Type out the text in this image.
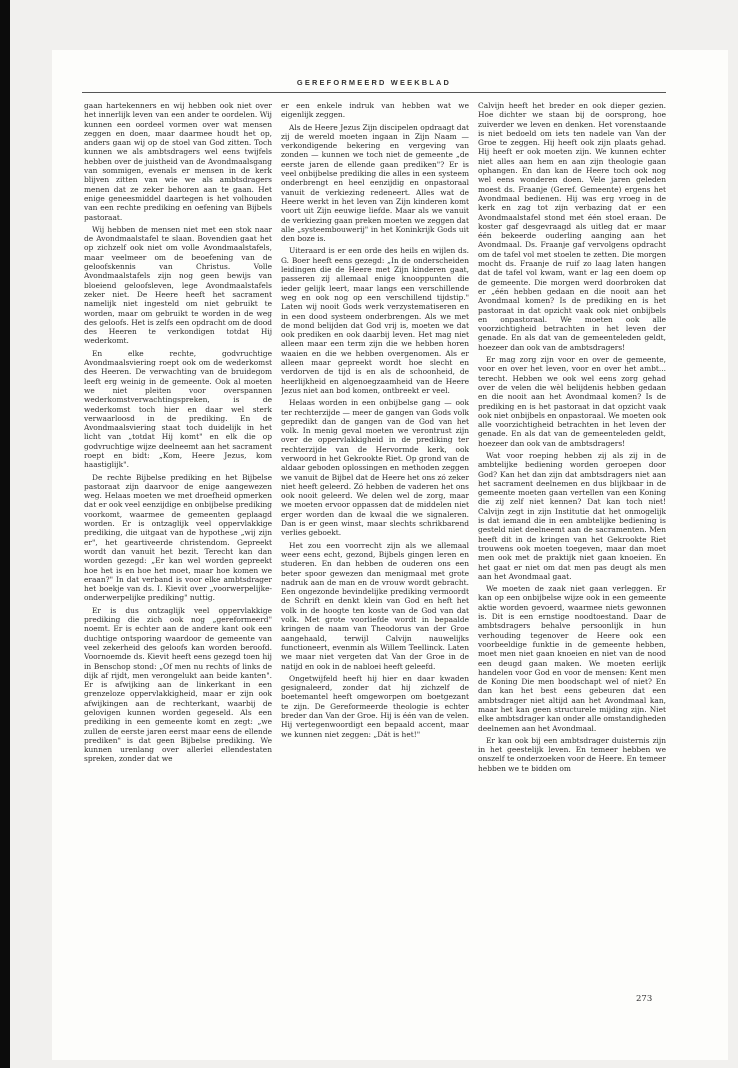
GEREFORMEERD WEEKBLAD

gaan hartekenners en wij hebben ook niet over het innerlijk leven van een ander te oordelen. Wij kunnen een oordeel vormen over wat mensen zeggen en doen, maar daarmee houdt het op, anders gaan wij op de stoel van God zitten. Toch kunnen we als ambtsdragers wel eens twijfels hebben over de juistheid van de Avondmaalsgang van sommigen, evenals er mensen in de kerk blijven zitten van wie we als ambtsdragers menen dat ze zeker behoren aan te gaan. Het enige geneesmiddel daartegen is het volhouden van een rechte prediking en oefening van Bijbels pastoraat.

Wij hebben de mensen niet met een stok naar de Avondmaalstafel te slaan. Bovendien gaat het op zichzelf ook niet om volle Avondmaalstafels, maar veelmeer om de beoefening van de geloofskennis van Christus. Volle Avondmaalstafels zijn nog geen bewijs van bloeiend geloofsleven, lege Avondmaalstafels zeker niet. De Heere heeft het sacrament namelijk niet ingesteld om niet gebruikt te worden, maar om gebruikt te worden in de weg des geloofs. Het is zelfs een opdracht om de dood des Heeren te verkondigen totdat Hij wederkomt.

En elke rechte, godvruchtige Avondmaalsviering roept ook om de wederkomst des Heeren. De verwachting van de bruidegom leeft erg weinig in de gemeente. Ook al moeten we niet pleiten voor overspannen wederkomstverwachtingspreken, is de wederkomst toch hier en daar wel sterk verwaarloosd in de prediking. En de Avondmaalsviering staat toch duidelijk in het licht van „totdat Hij komt" en elk die op godvruchtige wijze deelneemt aan het sacrament roept en bidt: „Kom, Heere Jezus, kom haastiglijk".

De rechte Bijbelse prediking en het Bijbelse pastoraat zijn daarvoor de enige aangewezen weg. Helaas moeten we met droefheid opmerken dat er ook veel eenzijdige en onbijbelse prediking voorkomt, waarmee de gemeenten geplaagd worden. Er is ontzaglijk veel oppervlakkige prediking, die uitgaat van de hypothese „wij zijn er", het geartiveerde christendom. Gepreekt wordt dan vanuit het bezit. Terecht kan dan worden gezegd: „Er kan wel worden gepreekt hoe het is en hoe het moet, maar hoe komen we eraan?" In dat verband is voor elke ambtsdrager het boekje van ds. I. Kievit over „voorwerpelijke-onderwerpelijke prediking" nuttig.

Er is dus ontzaglijk veel oppervlakkige prediking die zich ook nog „gereformeerd" noemt. Er is echter aan de andere kant ook een duchtige ontsporing waardoor de gemeente van veel zekerheid des geloofs kan worden beroofd. Voornoemde ds. Kievit heeft eens gezegd toen hij in Benschop stond: „Of men nu rechts of links de dijk af rijdt, men verongelukt aan beide kanten". Er is afwijking aan de linkerkant in een grenzeloze oppervlakkigheid, maar er zijn ook afwijkingen aan de rechterkant, waarbij de gelovigen kunnen worden gegeseld. Als een prediking in een gemeente komt en zegt: „we zullen de eerste jaren eerst maar eens de ellende prediken" is dat geen Bijbelse prediking. We kunnen urenlang over allerlei ellendestaten spreken, zonder dat we

er een enkele indruk van hebben wat we eigenlijk zeggen.

Als de Heere Jezus Zijn discipelen opdraagt dat zij de wereld moeten ingaan in Zijn Naam — verkondigende bekering en vergeving van zonden — kunnen we toch niet de gemeente „de eerste jaren de ellende gaan prediken"? Er is veel onbijbelse prediking die alles in een systeem onderbrengt en heel eenzijdig en onpastoraal vanuit de verkiezing redeneert. Alles wat de Heere werkt in het leven van Zijn kinderen komt voort uit Zijn eeuwige liefde. Maar als we vanuit de verkiezing gaan preken moeten we zeggen dat alle „systeembouwerij" in het Koninkrijk Gods uit den boze is.

Uiteraard is er een orde des heils en wijlen ds. G. Boer heeft eens gezegd: „In de onderscheiden leidingen die de Heere met Zijn kinderen gaat, passeren zij allemaal enige knooppunten die ieder gelijk leert, maar langs een verschillende weg en ook nog op een verschillend tijdstip." Laten wij nooit Gods werk verzystematiseren en in een dood systeem onderbrengen. Als we met de mond belijden dat God vrij is, moeten we dat ook prediken en ook daarbij leven. Het mag niet alleen maar een term zijn die we hebben horen waaien en die we hebben overgenomen. Als er alleen maar gepreekt wordt hoe slecht en verdorven de tijd is en als de schoonheid, de heerlijkheid en algenoegzaamheid van de Heere Jezus niet aan bod komen, ontbreekt er veel.

Helaas worden in een onbijbelse gang — ook ter rechterzijde — meer de gangen van Gods volk gepredikt dan de gangen van de God van het volk. In menig geval moeten we verontrust zijn over de oppervlakkigheid in de prediking ter rechterzijde van de Hervormde kerk, ook verwoord in het Gekrookte Riet. Op grond van de aldaar geboden oplossingen en methoden zeggen we vanuit de Bijbel dat de Heere het ons zó zeker niet heeft geleerd. Zó hebben de vaderen het ons ook nooit geleerd. We delen wel de zorg, maar we moeten ervoor oppassen dat de middelen niet erger worden dan de kwaal die we signaleren. Dan is er geen winst, maar slechts schrikbarend verlies geboekt.

Het zou een voorrecht zijn als we allemaal weer eens echt, gezond, Bijbels gingen leren en studeren. En dan hebben de ouderen ons een beter spoor gewezen dan menigmaal met grote nadruk aan de man en de vrouw wordt gebracht. Een ongezonde bevindelijke prediking vermoordt de Schrift en denkt klein van God en heft het volk in de hoogte ten koste van de God van dat volk. Met grote voorliefde wordt in bepaalde kringen de naam van Theodorus van der Groe aangehaald, terwijl Calvijn nauwelijks functioneert, evenmin als Willem Teellinck. Laten we maar niet vergeten dat Van der Groe in de natijd en ook in de nabloei heeft geleefd.

Ongetwijfeld heeft hij hier en daar kwaden gesignaleerd, zonder dat hij zichzelf de boetemantel heeft omgeworpen om boetgezant te zijn. De Gereformeerde theologie is echter breder dan Van der Groe. Hij is één van de velen. Hij vertegenwoordigt een bepaald accent, maar we kunnen niet zeggen: „Dát is het!"

Calvijn heeft het breder en ook dieper gezien. Hoe dichter we staan bij de oorsprong, hoe zuiverder we leven en denken. Het vorenstaande is niet bedoeld om iets ten nadele van Van der Groe te zeggen. Hij heeft ook zijn plaats gehad. Hij heeft er ook moeten zijn. We kunnen echter niet alles aan hem en aan zijn theologie gaan ophangen. En dan kan de Heere toch ook nog wel eens wonderen doen. Vele jaren geleden moest ds. Fraanje (Geref. Gemeente) ergens het Avondmaal bedienen. Hij was erg vroeg in de kerk en zag tot zijn verbazing dat er een Avondmaalstafel stond met één stoel eraan. De koster gaf desgevraagd als uitleg dat er maar één bekeerde ouderling aanging aan het Avondmaal. Ds. Fraanje gaf vervolgens opdracht om de tafel vol met stoelen te zetten. Die morgen mocht ds. Fraanje de ruif zo laag laten hangen dat de tafel vol kwam, want er lag een doem op de gemeente. Die morgen werd doorbroken dat er „één hebben gedaan en die nooit aan het Avondmaal komen? Is de prediking en is het pastoraat in dat opzicht vaak ook niet onbijbels en onpastoraal. We moeten ook alle voorzichtigheid betrachten in het leven der genade. En als dat van de gemeenteleden geldt, hoezeer dan ook van de ambtsdragers!

Er mag zorg zijn voor en over de gemeente, voor en over het leven, voor en over het ambt... terecht. Hebben we ook wel eens zorg gehad over de velen die wèl belijdenis hebben gedaan en die nooit aan het Avondmaal komen? Is de prediking en is het pastoraat in dat opzicht vaak ook niet onbijbels en onpastoraal. We moeten ook alle voorzichtigheid betrachten in het leven der genade. En als dat van de gemeenteleden geldt, hoezeer dan ook van de ambtsdragers!

Wat voor roeping hebben zij als zij in de ambtelijke bediening worden geroepen door God? Kan het dan zijn dat ambtsdragers niet aan het sacrament deelnemen en dus blijkbaar in de gemeente moeten gaan vertellen van een Koning die zij zelf niet kennen? Dat kan toch niet! Calvijn zegt in zijn Institutie dat het onmogelijk is dat iemand die in een ambtelijke bediening is gesteld niet deelneemt aan de sacramenten. Men heeft dit in de kringen van het Gekrookte Riet trouwens ook moeten toegeven, maar dan moet men ook met de praktijk niet gaan knoeien. En het gaat er niet om dat men pas deugt als men aan het Avondmaal gaat.

We moeten de zaak niet gaan verleggen. Er kan op een onbijbelse wijze ook in een gemeente aktie worden gevoerd, waarmee niets gewonnen is. Dit is een ernstige noodtoestand. Daar de ambtsdragers behalve persoonlijk in hun verhouding tegenover de Heere ook een voorbeeldige funktie in de gemeente hebben, moet men niet gaan knoeien en niet van de nood een deugd gaan maken. We moeten eerlijk handelen voor God en voor de mensen: Kent men de Koning Die men boodschapt wel of niet? En dan kan het best eens gebeuren dat een ambtsdrager niet altijd aan het Avondmaal kan, maar het kan geen structurele mijding zijn. Niet elke ambtsdrager kan onder alle omstandigheden deelnemen aan het Avondmaal.

Er kan ook bij een ambtsdrager duisternis zijn in het geestelijk leven. En temeer hebben we onszelf te onderzoeken voor de Heere. En temeer hebben we te bidden om

273
